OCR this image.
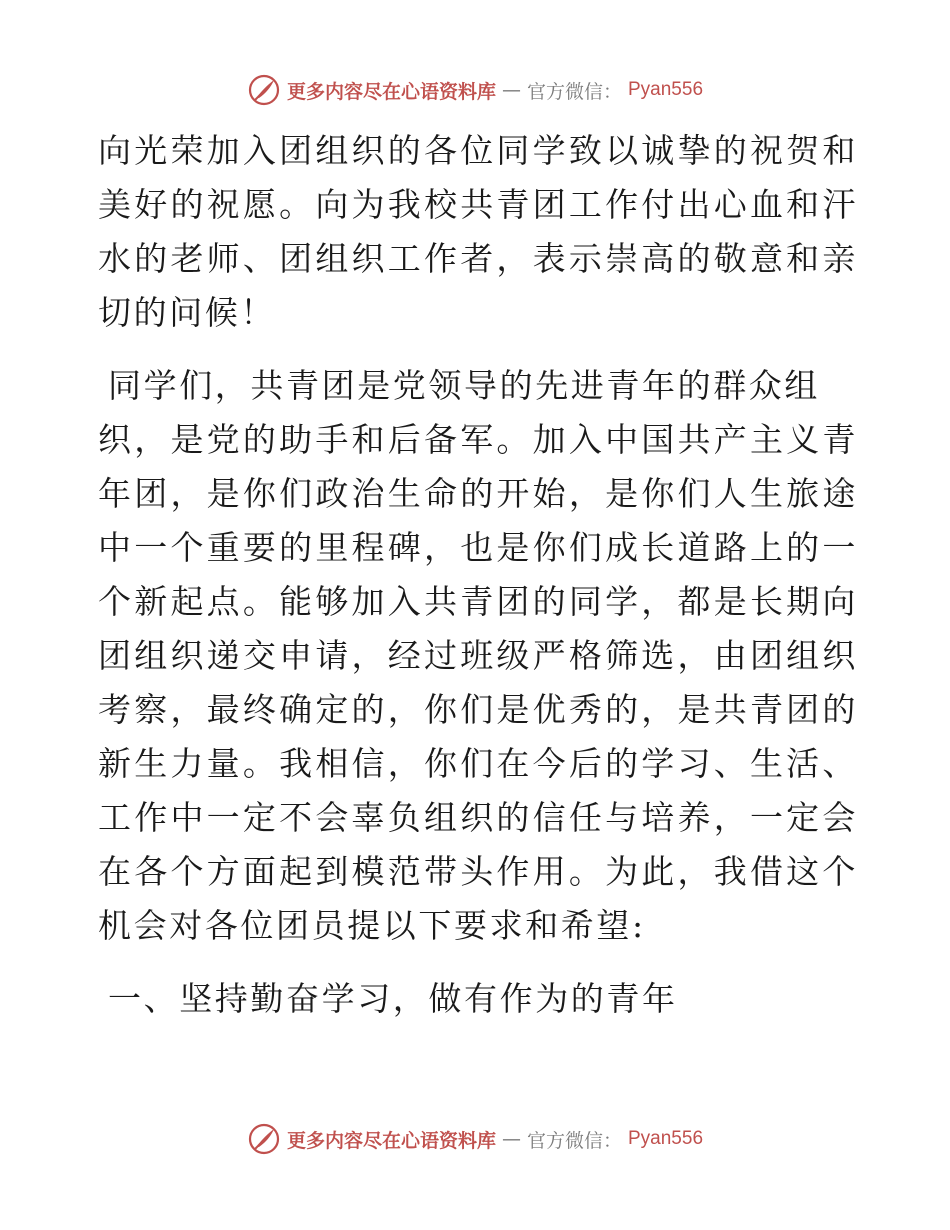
更多内容尽在心语资料库 — 官方微信： Pyan556

向光荣加入团组织的各位同学致以诚挚的祝贺和美好的祝愿。向为我校共青团工作付出心血和汗水的老师、团组织工作者，表示崇高的敬意和亲切的问候！

同学们，共青团是党领导的先进青年的群众组

织，是党的助手和后备军。加入中国共产主义青年团，是你们政治生命的开始，是你们人生旅途中一个重要的里程碑，也是你们成长道路上的一个新起点。能够加入共青团的同学，都是长期向团组织递交申请，经过班级严格筛选，由团组织考察，最终确定的，你们是优秀的，是共青团的新生力量。我相信，你们在今后的学习、生活、工作中一定不会辜负组织的信任与培养，一定会在各个方面起到模范带头作用。为此，我借这个机会对各位团员提以下要求和希望:

一、坚持勤奋学习，做有作为的青年

更多内容尽在心语资料库 — 官方微信： Pyan556
